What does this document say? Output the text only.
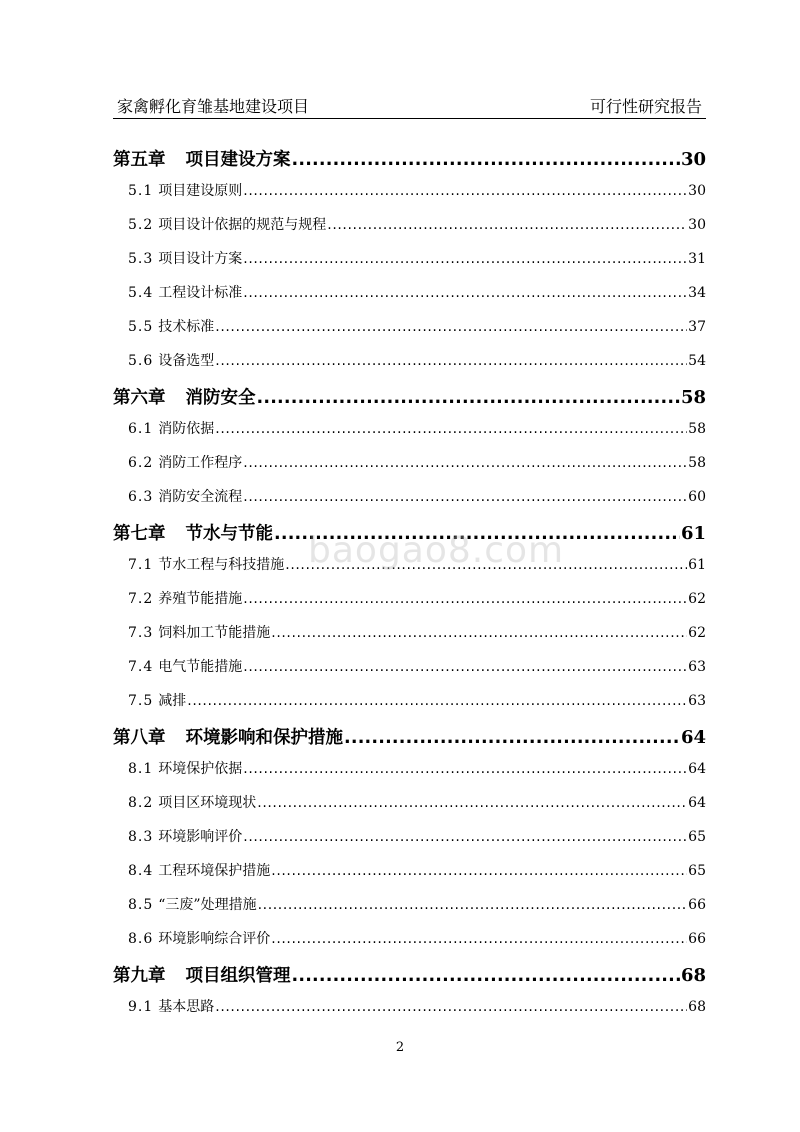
家禽孵化育雏基地建设项目	可行性研究报告
第五章 项目建设方案 .....	30
5.1 项目建设原则 .....	30
5.2 项目设计依据的规范与规程 .....	30
5.3 项目设计方案 .....	31
5.4 工程设计标准 .....	34
5.5 技术标准 .....	37
5.6 设备选型 .....	54
第六章 消防安全 .....	58
6.1 消防依据 .....	58
6.2 消防工作程序 .....	58
6.3 消防安全流程 .....	60
第七章 节水与节能 .....	61
7.1 节水工程与科技措施 .....	61
7.2 养殖节能措施 .....	62
7.3 饲料加工节能措施 .....	62
7.4 电气节能措施 .....	63
7.5 减排 .....	63
第八章 环境影响和保护措施 .....	64
8.1 环境保护依据 .....	64
8.2 项目区环境现状 .....	64
8.3 环境影响评价 .....	65
8.4 工程环境保护措施 .....	65
8.5 “三废”处理措施 .....	66
8.6 环境影响综合评价 .....	66
第九章 项目组织管理 .....	68
9.1 基本思路 .....	68
baogao8.com
2
